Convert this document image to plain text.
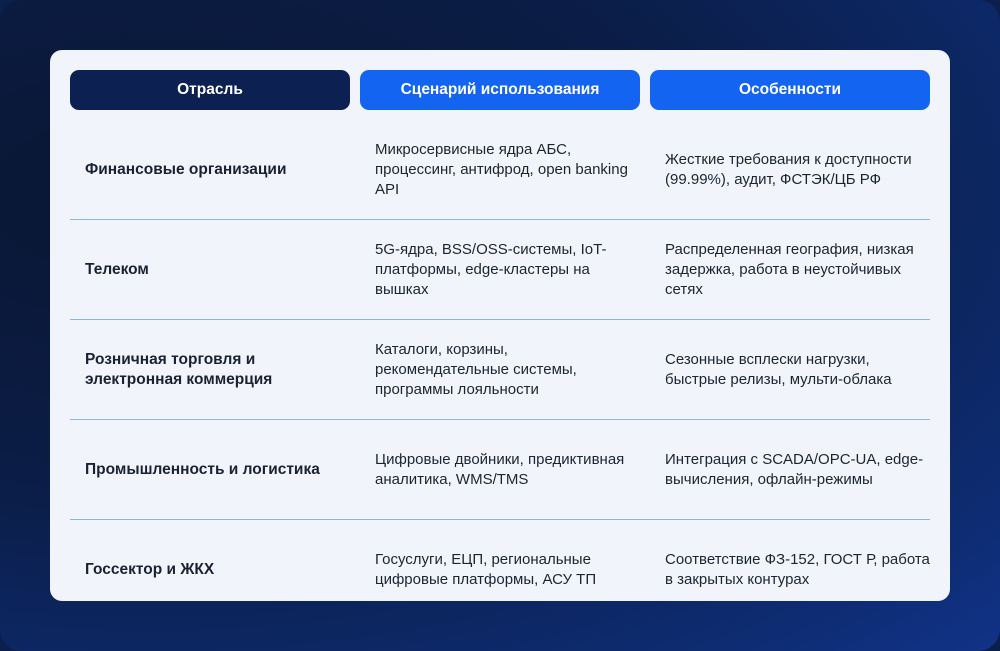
Отрасль	Сценарий использования	Особенности
Финансовые организации
Микросервисные ядра АБС, процессинг, антифрод, open banking API
Жесткие требования к доступности (99.99%), аудит, ФСТЭК/ЦБ РФ
Телеком
5G-ядра, BSS/OSS-системы, IoT-платформы, edge-кластеры на вышках
Распределенная география, низкая задержка, работа в неустойчивых сетях
Розничная торговля и электронная коммерция
Каталоги, корзины, рекомендательные системы, программы лояльности
Сезонные всплески нагрузки, быстрые релизы, мульти-облака
Промышленность и логистика
Цифровые двойники, предиктивная аналитика, WMS/TMS
Интеграция с SCADA/OPC-UA, edge-вычисления, офлайн-режимы
Госсектор и ЖКХ
Госуслуги, ЕЦП, региональные цифровые платформы, АСУ ТП
Соответствие ФЗ-152, ГОСТ Р, работа в закрытых контурах
